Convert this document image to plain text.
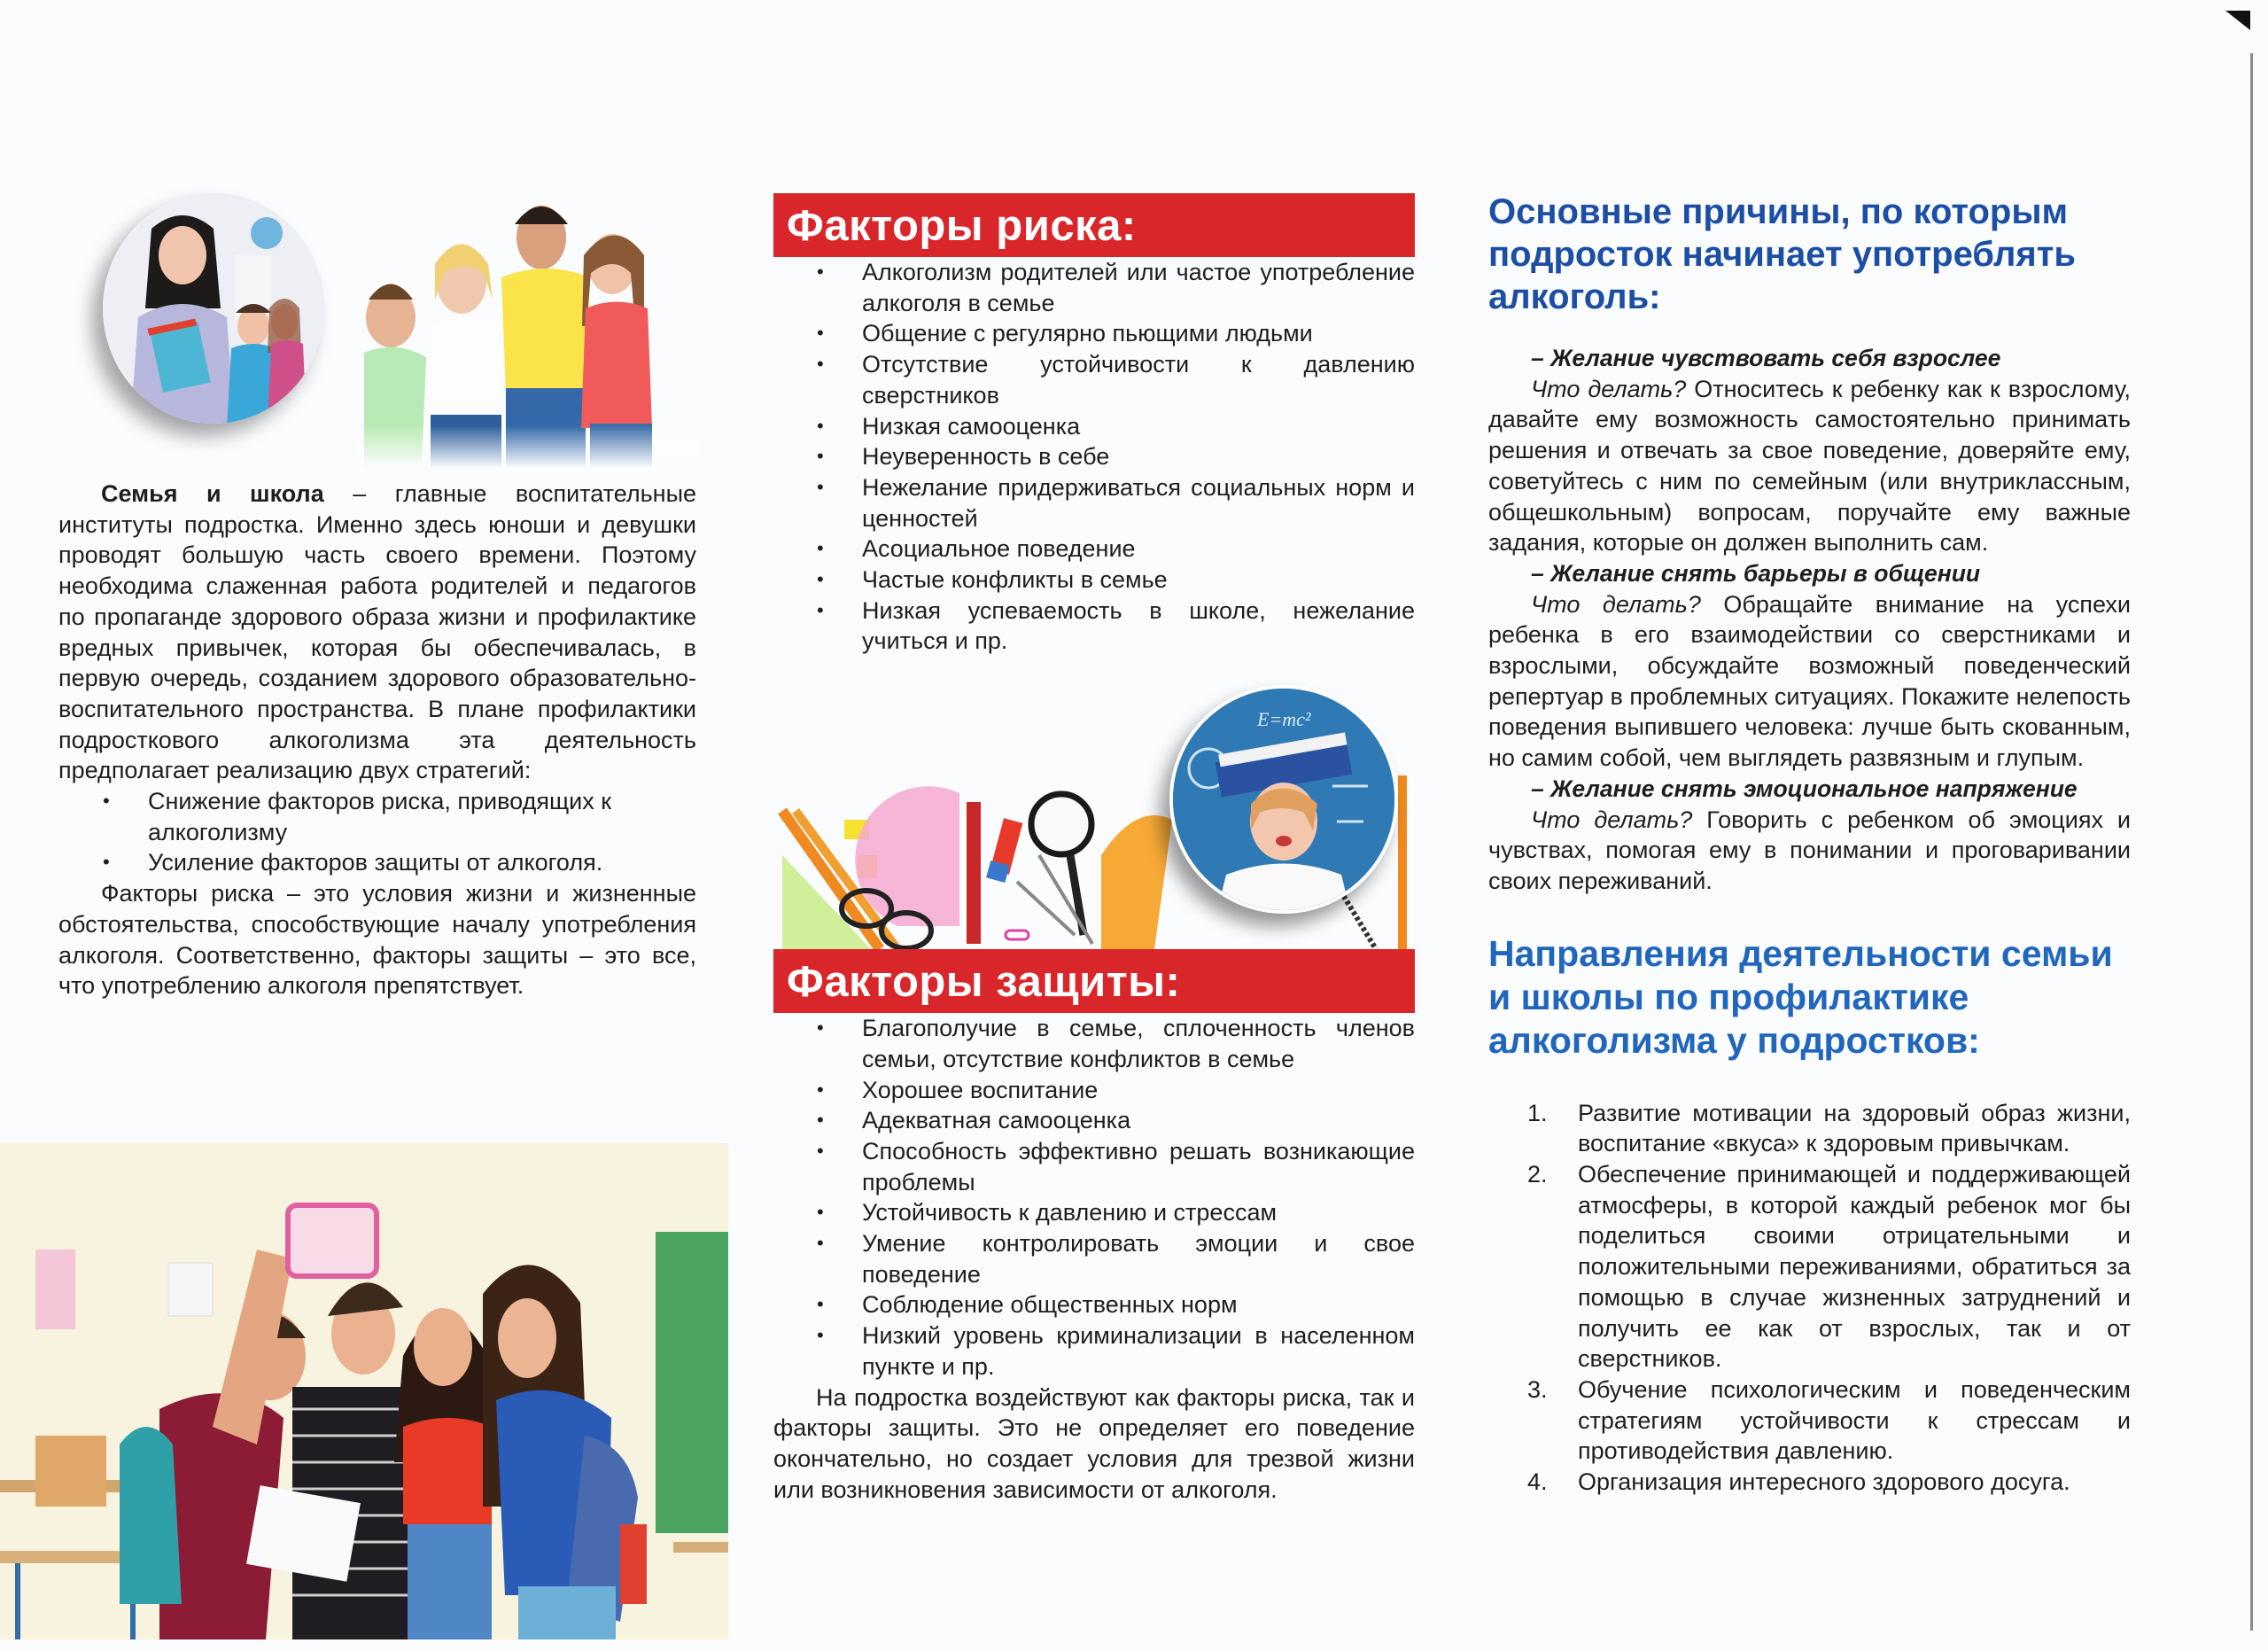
Семья и школа – главные воспитательные институты подростка. Именно здесь юноши и девушки проводят большую часть своего времени. Поэтому необходима слаженная работа родителей и педагогов по пропаганде здорового образа жизни и профилактике вредных привычек, которая бы обеспечивалась, в первую очередь, созданием здорового образовательно-воспитательного пространства. В плане профилактики подросткового алкоголизма эта деятельность предполагает реализацию двух стратегий:

• Снижение факторов риска, приводящих к алкоголизму
• Усиление факторов защиты от алкоголя.

Факторы риска – это условия жизни и жизненные обстоятельства, способствующие началу употребления алкоголя. Соответственно, факторы защиты – это все, что употреблению алкоголя препятствует.

Факторы риска:
• Алкоголизм родителей или частое употребление алкоголя в семье
• Общение с регулярно пьющими людьми
• Отсутствие устойчивости к давлению сверстников
• Низкая самооценка
• Неуверенность в себе
• Нежелание придерживаться социальных норм и ценностей
• Асоциальное поведение
• Частые конфликты в семье
• Низкая успеваемость в школе, нежелание учиться и пр.
E=mc²
Факторы защиты:
• Благополучие в семье, сплоченность членов семьи, отсутствие конфликтов в семье
• Хорошее воспитание
• Адекватная самооценка
• Способность эффективно решать возникающие проблемы
• Устойчивость к давлению и стрессам
• Умение контролировать эмоции и свое поведение
• Соблюдение общественных норм
• Низкий уровень криминализации в населенном пункте и пр.

На подростка воздействуют как факторы риска, так и факторы защиты. Это не определяет его поведение окончательно, но создает условия для трезвой жизни или возникновения зависимости от алкоголя.

Основные причины, по которым подросток начинает употреблять алкоголь:

– Желание чувствовать себя взрослее

Что делать? Относитесь к ребенку как к взрослому, давайте ему возможность самостоятельно принимать решения и отвечать за свое поведение, доверяйте ему, советуйтесь с ним по семейным (или внутриклассным, общешкольным) вопросам, поручайте ему важные задания, которые он должен выполнить сам.

– Желание снять барьеры в общении

Что делать? Обращайте внимание на успехи ребенка в его взаимодействии со сверстниками и взрослыми, обсуждайте возможный поведенческий репертуар в проблемных ситуациях. Покажите нелепость поведения выпившего человека: лучше быть скованным, но самим собой, чем выглядеть развязным и глупым.

– Желание снять эмоциональное напряжение

Что делать? Говорить с ребенком об эмоциях и чувствах, помогая ему в понимании и проговаривании своих переживаний.

Направления деятельности семьи и школы по профилактике алкоголизма у подростков:
1. Развитие мотивации на здоровый образ жизни, воспитание «вкуса» к здоровым привычкам.
2. Обеспечение принимающей и поддерживающей атмосферы, в которой каждый ребенок мог бы поделиться своими отрицательными и положительными переживаниями, обратиться за помощью в случае жизненных затруднений и получить ее как от взрослых, так и от сверстников.
3. Обучение психологическим и поведенческим стратегиям устойчивости к стрессам и противодействия давлению.
4. Организация интересного здорового досуга.
